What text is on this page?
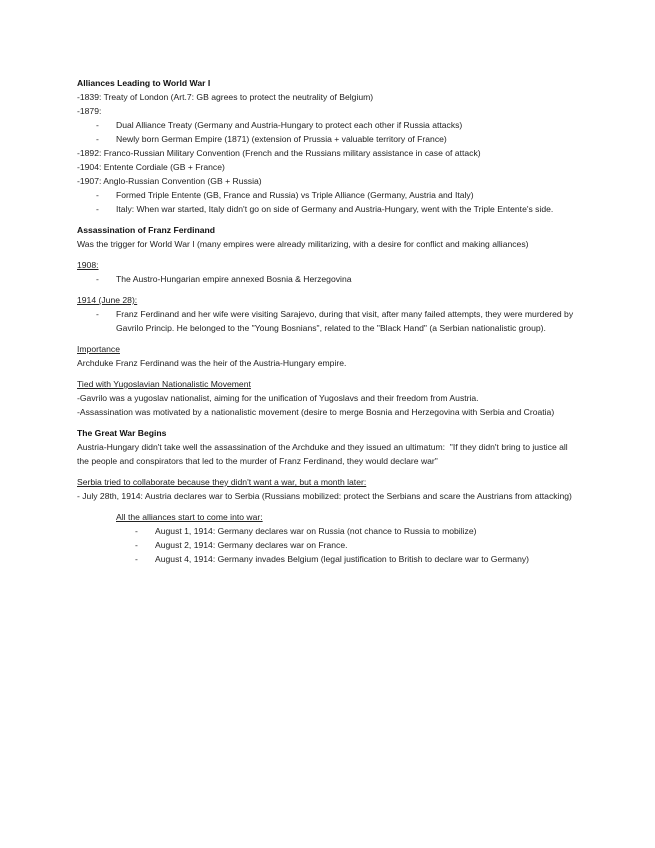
Alliances Leading to World War I
-1839: Treaty of London (Art.7: GB agrees to protect the neutrality of Belgium)
-1879:
- Dual Alliance Treaty (Germany and Austria-Hungary to protect each other if Russia attacks)
- Newly born German Empire (1871) (extension of Prussia + valuable territory of France)
-1892: Franco-Russian Military Convention (French and the Russians military assistance in case of attack)
-1904: Entente Cordiale (GB + France)
-1907: Anglo-Russian Convention (GB + Russia)
- Formed Triple Entente (GB, France and Russia) vs Triple Alliance (Germany, Austria and Italy)
- Italy: When war started, Italy didn't go on side of Germany and Austria-Hungary, went with the Triple Entente's side.
Assassination of Franz Ferdinand
Was the trigger for World War I (many empires were already militarizing, with a desire for conflict and making alliances)
1908:
- The Austro-Hungarian empire annexed Bosnia & Herzegovina
1914 (June 28):
- Franz Ferdinand and her wife were visiting Sarajevo, during that visit, after many failed attempts, they were murdered by Gavrilo Princip. He belonged to the "Young Bosnians", related to the "Black Hand" (a Serbian nationalistic group).
Importance
Archduke Franz Ferdinand was the heir of the Austria-Hungary empire.
Tied with Yugoslavian Nationalistic Movement
-Gavrilo was a yugoslav nationalist, aiming for the unification of Yugoslavs and their freedom from Austria.
-Assassination was motivated by a nationalistic movement (desire to merge Bosnia and Herzegovina with Serbia and Croatia)
The Great War Begins
Austria-Hungary didn't take well the assassination of the Archduke and they issued an ultimatum:  "If they didn't bring to justice all the people and conspirators that led to the murder of Franz Ferdinand, they would declare war"
Serbia tried to collaborate because they didn't want a war, but a month later:
- July 28th, 1914: Austria declares war to Serbia (Russians mobilized: protect the Serbians and scare the Austrians from attacking)
All the alliances start to come into war:
- August 1, 1914: Germany declares war on Russia (not chance to Russia to mobilize)
- August 2, 1914: Germany declares war on France.
- August 4, 1914: Germany invades Belgium (legal justification to British to declare war to Germany)
